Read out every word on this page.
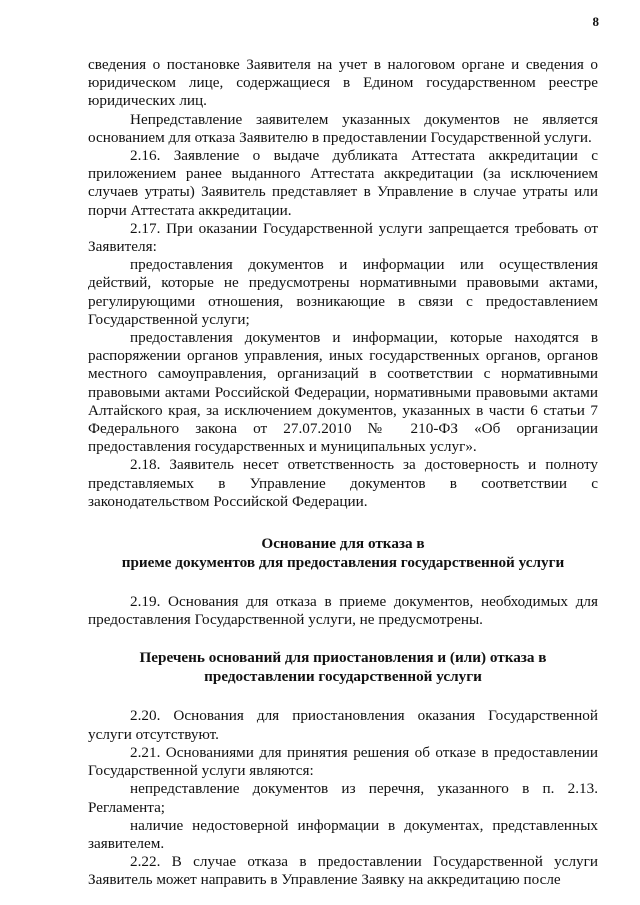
8

сведения о постановке Заявителя на учет в налоговом органе и сведения о юридическом лице, содержащиеся в Едином государственном реестре юридических лиц.

Непредставление заявителем указанных документов не является основанием для отказа Заявителю в предоставлении Государственной услуги.

2.16. Заявление о выдаче дубликата Аттестата аккредитации с приложением ранее выданного Аттестата аккредитации (за исключением случаев утраты) Заявитель представляет в Управление в случае утраты или порчи Аттестата аккредитации.

2.17. При оказании Государственной услуги запрещается требовать от Заявителя:

предоставления документов и информации или осуществления действий, которые не предусмотрены нормативными правовыми актами, регулирующими отношения, возникающие в связи с предоставлением Государственной услуги;

предоставления документов и информации, которые находятся в распоряжении органов управления, иных государственных органов, органов местного самоуправления, организаций в соответствии с нормативными правовыми актами Российской Федерации, нормативными правовыми актами Алтайского края, за исключением документов, указанных в части 6 статьи 7 Федерального закона от 27.07.2010 № 210-ФЗ «Об организации предоставления государственных и муниципальных услуг».

2.18. Заявитель несет ответственность за достоверность и полноту представляемых в Управление документов в соответствии с законодательством Российской Федерации.

Основание для отказа в
приеме документов для предоставления государственной услуги

2.19. Основания для отказа в приеме документов, необходимых для предоставления Государственной услуги, не предусмотрены.

Перечень оснований для приостановления и (или) отказа в
предоставлении государственной услуги

2.20. Основания для приостановления оказания Государственной услуги отсутствуют.

2.21. Основаниями для принятия решения об отказе в предоставлении Государственной услуги являются:

непредставление документов из перечня, указанного в п. 2.13. Регламента;

наличие недостоверной информации в документах, представленных заявителем.

2.22. В случае отказа в предоставлении Государственной услуги Заявитель может направить в Управление Заявку на аккредитацию после
